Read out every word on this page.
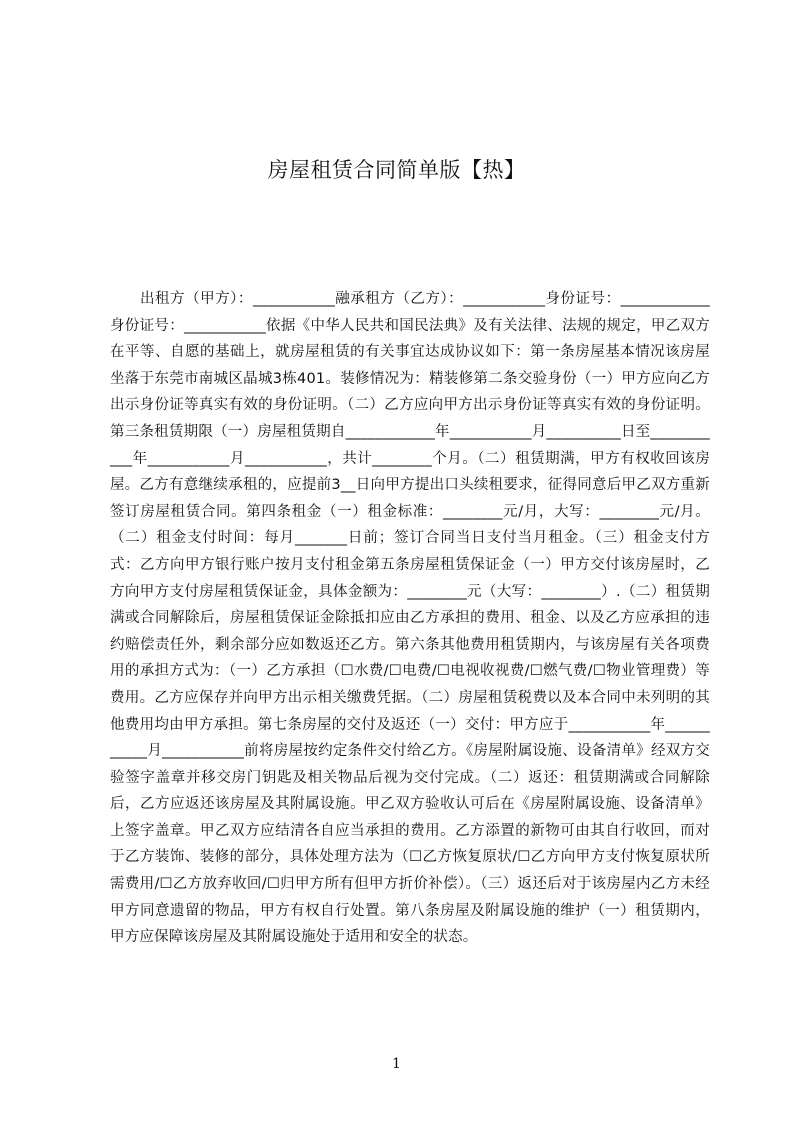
房屋租赁合同简单版【热】

出租方（甲方）：___________融承租方（乙方）：___________身份证号：____________身份证号：___________依据《中华人民共和国民法典》及有关法律、法规的规定，甲乙双方在平等、自愿的基础上，就房屋租赁的有关事宜达成协议如下：第一条房屋基本情况该房屋坐落于东莞市南城区晶城3栋401。装修情况为：精装修第二条交验身份（一）甲方应向乙方出示身份证等真实有效的身份证明。（二）乙方应向甲方出示身份证等真实有效的身份证明。第三条租赁期限（一）房屋租赁期自____________年___________月__________日至___________年___________月___________，共计________个月。（二）租赁期满，甲方有权收回该房屋。乙方有意继续承租的，应提前3__日向甲方提出口头续租要求，征得同意后甲乙双方重新签订房屋租赁合同。第四条租金（一）租金标准：________元/月，大写：________元/月。（二）租金支付时间：每月_______日前；签订合同当日支付当月租金。（三）租金支付方式：乙方向甲方银行账户按月支付租金第五条房屋租赁保证金（一）甲方交付该房屋时，乙方向甲方支付房屋租赁保证金，具体金额为：________元（大写：________）.（二）租赁期满或合同解除后，房屋租赁保证金除抵扣应由乙方承担的费用、租金、以及乙方应承担的违约赔偿责任外，剩余部分应如数返还乙方。第六条其他费用租赁期内，与该房屋有关各项费用的承担方式为：（一）乙方承担（☐水费/☐电费/☐电视收视费/☐燃气费/☐物业管理费）等费用。乙方应保存并向甲方出示相关缴费凭据。（二）房屋租赁税费以及本合同中未列明的其他费用均由甲方承担。第七条房屋的交付及返还（一）交付：甲方应于___________年___________月___________前将房屋按约定条件交付给乙方。《房屋附属设施、设备清单》经双方交验签字盖章并移交房门钥匙及相关物品后视为交付完成。（二）返还：租赁期满或合同解除后，乙方应返还该房屋及其附属设施。甲乙双方验收认可后在《房屋附属设施、设备清单》上签字盖章。甲乙双方应结清各自应当承担的费用。乙方添置的新物可由其自行收回，而对于乙方装饰、装修的部分，具体处理方法为（☐乙方恢复原状/☐乙方向甲方支付恢复原状所需费用/☐乙方放弃收回/☐归甲方所有但甲方折价补偿）。（三）返还后对于该房屋内乙方未经甲方同意遗留的物品，甲方有权自行处置。第八条房屋及附属设施的维护（一）租赁期内，甲方应保障该房屋及其附属设施处于适用和安全的状态。

1
